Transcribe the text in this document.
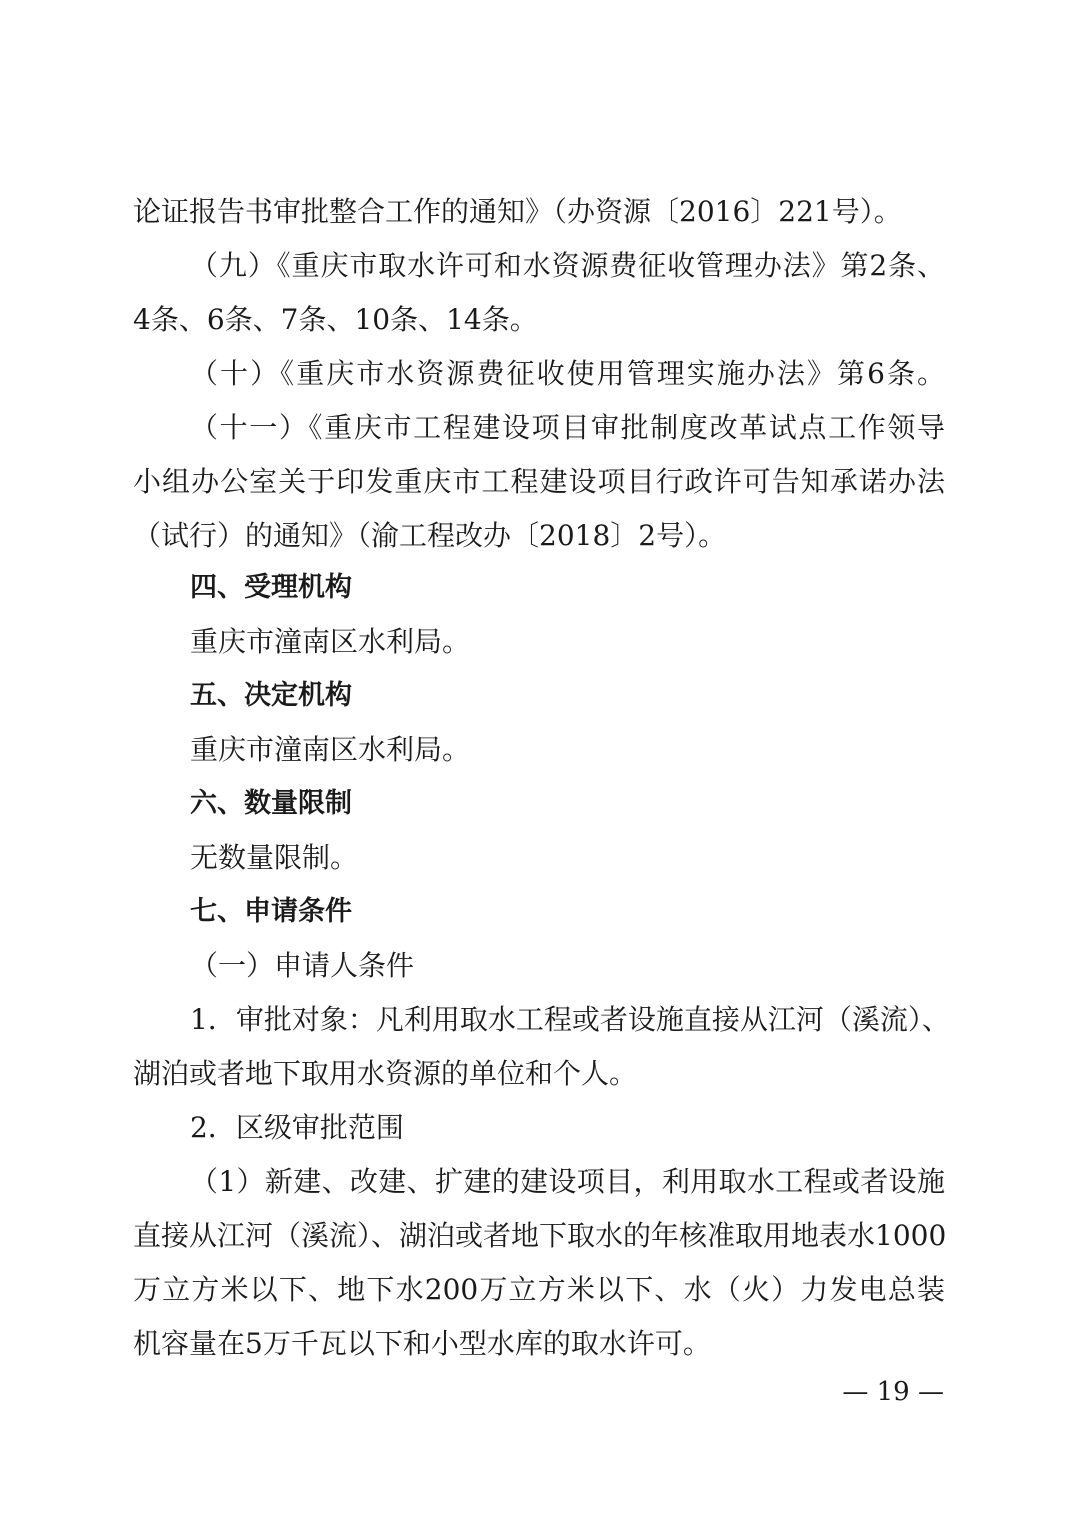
论证报告书审批整合工作的通知》（办资源〔2016〕221号）。
（九）《重庆市取水许可和水资源费征收管理办法》第2条、
4条、6条、7条、10条、14条。
（十）《重庆市水资源费征收使用管理实施办法》第6条。
（十一）《重庆市工程建设项目审批制度改革试点工作领导
小组办公室关于印发重庆市工程建设项目行政许可告知承诺办法
（试行）的通知》（渝工程改办〔2018〕2号）。
四、受理机构
重庆市潼南区水利局。
五、决定机构
重庆市潼南区水利局。
六、数量限制
无数量限制。
七、申请条件
（一）申请人条件
1．审批对象：凡利用取水工程或者设施直接从江河（溪流）、
湖泊或者地下取用水资源的单位和个人。
2．区级审批范围
（1）新建、改建、扩建的建设项目，利用取水工程或者设施
直接从江河（溪流）、湖泊或者地下取水的年核准取用地表水1000
万立方米以下、地下水200万立方米以下、水（火）力发电总装
机容量在5万千瓦以下和小型水库的取水许可。
— 19 —
